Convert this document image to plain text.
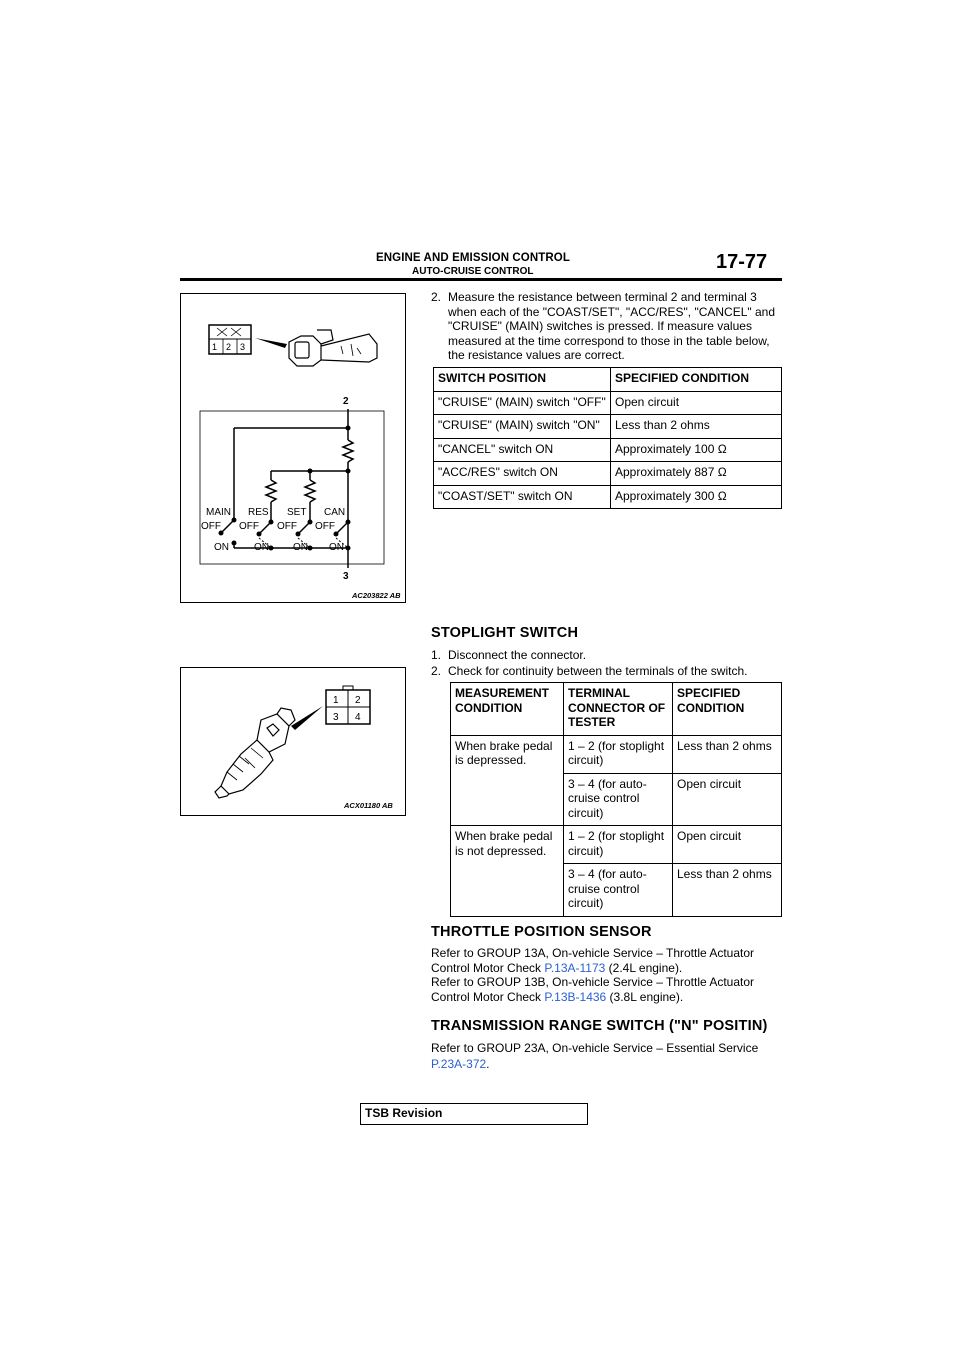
ENGINE AND EMISSION CONTROL
AUTO-CRUISE CONTROL	17-77
1 2 3
2
3
MAIN RES SET CAN
OFF OFF OFF OFF
ON	ON ON ON
AC203822 AB
2. Measure the resistance between terminal 2 and terminal 3 when each of the "COAST/SET", "ACC/RES", "CANCEL" and "CRUISE" (MAIN) switches is pressed. If measure values measured at the time correspond to those in the table below, the resistance values are correct.
SWITCH POSITION	SPECIFIED CONDITION
"CRUISE" (MAIN) switch "OFF"	Open circuit
"CRUISE" (MAIN) switch "ON"	Less than 2 ohms
"CANCEL" switch ON	Approximately 100 Ω
"ACC/RES" switch ON	Approximately 887 Ω
"COAST/SET" switch ON	Approximately 300 Ω
STOPLIGHT SWITCH
1. Disconnect the connector.
2. Check for continuity between the terminals of the switch.
1 2
3 4
ACX01180 AB
MEASUREMENT CONDITION	TERMINAL CONNECTOR OF TESTER	SPECIFIED CONDITION
When brake pedal is depressed.	1 – 2 (for stoplight circuit)	Less than 2 ohms
	3 – 4 (for auto-cruise control circuit)	Open circuit
When brake pedal is not depressed.	1 – 2 (for stoplight circuit)	Open circuit
	3 – 4 (for auto-cruise control circuit)	Less than 2 ohms
THROTTLE POSITION SENSOR
Refer to GROUP 13A, On-vehicle Service – Throttle Actuator Control Motor Check P.13A-1173 (2.4L engine).
Refer to GROUP 13B, On-vehicle Service – Throttle Actuator Control Motor Check P.13B-1436 (3.8L engine).
TRANSMISSION RANGE SWITCH ("N" POSITIN)
Refer to GROUP 23A, On-vehicle Service – Essential Service P.23A-372.
TSB Revision
